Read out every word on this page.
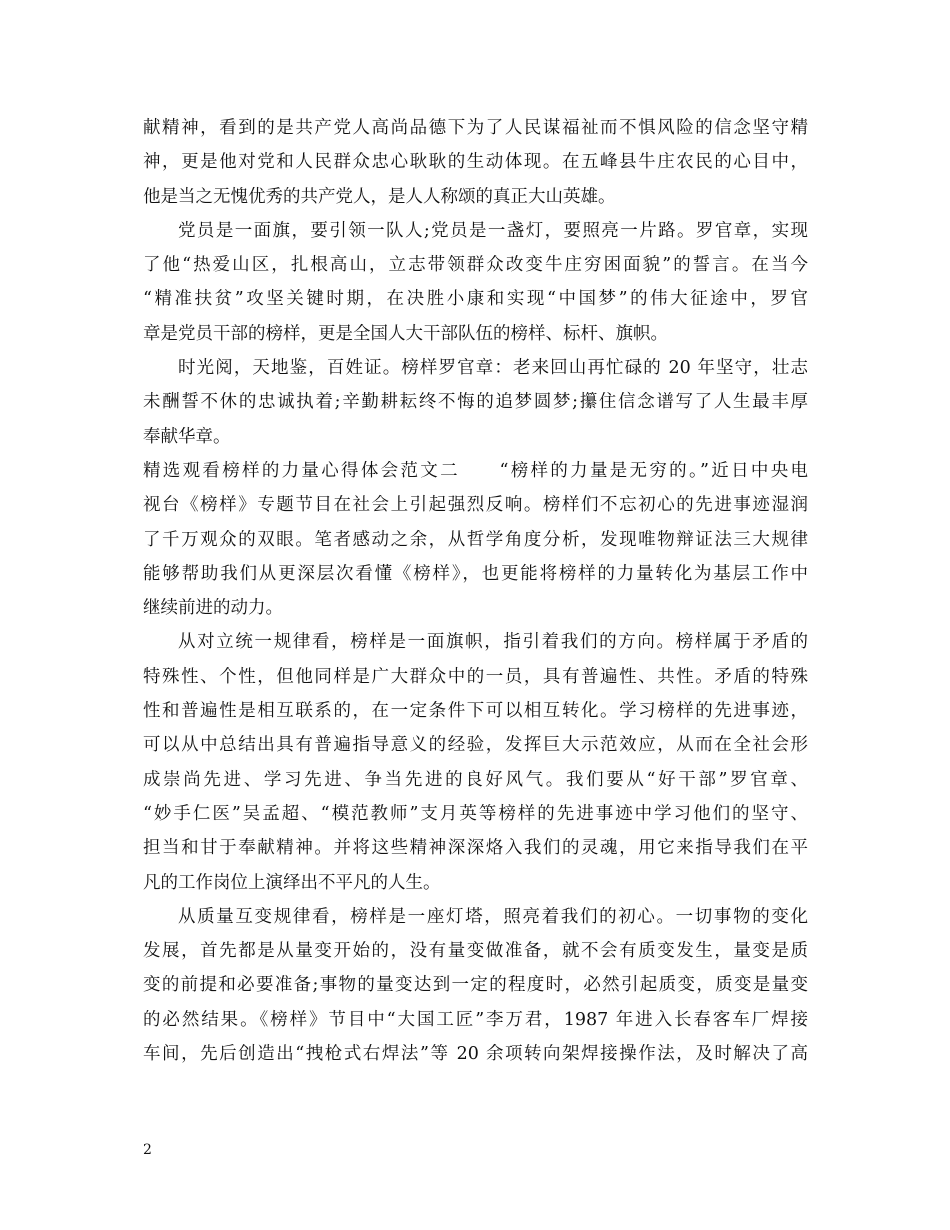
献精神，看到的是共产党人高尚品德下为了人民谋福祉而不惧风险的信念坚守精
神，更是他对党和人民群众忠心耿耿的生动体现。在五峰县牛庄农民的心目中，
他是当之无愧优秀的共产党人，是人人称颂的真正大山英雄。
党员是一面旗，要引领一队人;党员是一盏灯，要照亮一片路。罗官章，实现
了他“热爱山区，扎根高山，立志带领群众改变牛庄穷困面貌”的誓言。在当今
“精准扶贫”攻坚关键时期，在决胜小康和实现“中国梦”的伟大征途中，罗官
章是党员干部的榜样，更是全国人大干部队伍的榜样、标杆、旗帜。
时光阅，天地鉴，百姓证。榜样罗官章：老来回山再忙碌的 20 年坚守，壮志
未酬誓不休的忠诚执着;辛勤耕耘终不悔的追梦圆梦;攥住信念谱写了人生最丰厚
奉献华章。
精选观看榜样的力量心得体会范文二　　“榜样的力量是无穷的。”近日中央电
视台《榜样》专题节目在社会上引起强烈反响。榜样们不忘初心的先进事迹湿润
了千万观众的双眼。笔者感动之余，从哲学角度分析，发现唯物辩证法三大规律
能够帮助我们从更深层次看懂《榜样》，也更能将榜样的力量转化为基层工作中
继续前进的动力。
从对立统一规律看，榜样是一面旗帜，指引着我们的方向。榜样属于矛盾的
特殊性、个性，但他同样是广大群众中的一员，具有普遍性、共性。矛盾的特殊
性和普遍性是相互联系的，在一定条件下可以相互转化。学习榜样的先进事迹，
可以从中总结出具有普遍指导意义的经验，发挥巨大示范效应，从而在全社会形
成崇尚先进、学习先进、争当先进的良好风气。我们要从“好干部”罗官章、
“妙手仁医”吴孟超、“模范教师”支月英等榜样的先进事迹中学习他们的坚守、
担当和甘于奉献精神。并将这些精神深深烙入我们的灵魂，用它来指导我们在平
凡的工作岗位上演绎出不平凡的人生。
从质量互变规律看，榜样是一座灯塔，照亮着我们的初心。一切事物的变化
发展，首先都是从量变开始的，没有量变做准备，就不会有质变发生，量变是质
变的前提和必要准备;事物的量变达到一定的程度时，必然引起质变，质变是量变
的必然结果。《榜样》节目中“大国工匠”李万君，1987 年进入长春客车厂焊接
车间，先后创造出“拽枪式右焊法”等 20 余项转向架焊接操作法，及时解决了高
2
